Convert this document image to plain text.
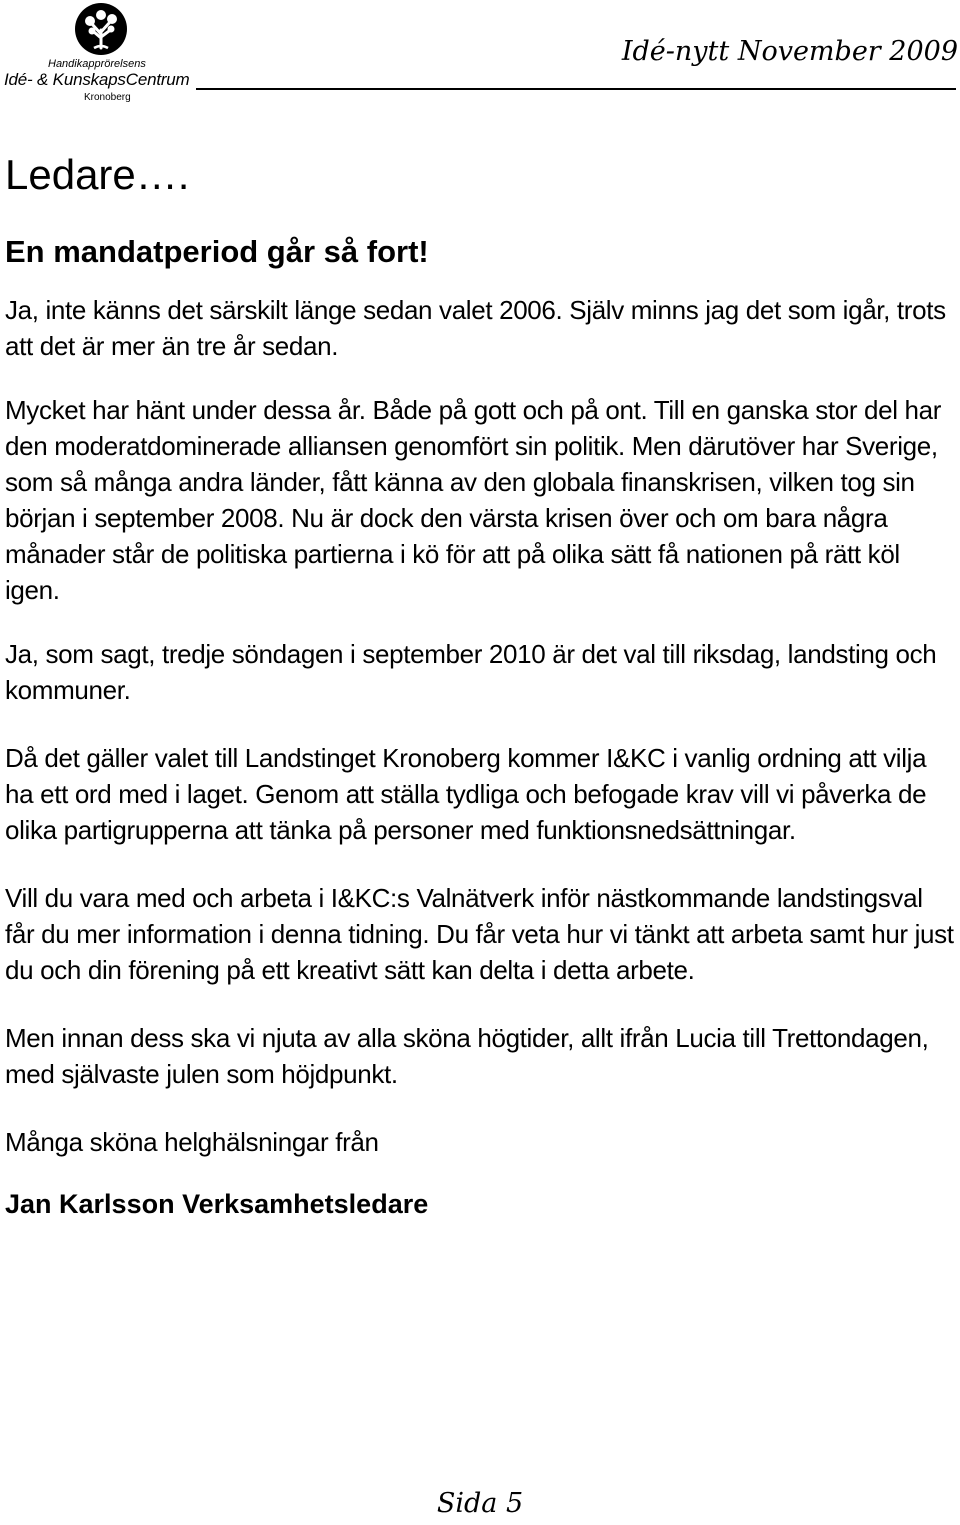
Handikapprörelsens
Idé- & KunskapsCentrum
Kronoberg
Idé-nytt November 2009
Ledare….
En mandatperiod går så fort!

Ja, inte känns det särskilt länge sedan valet 2006. Själv minns jag det som igår, trots att det är mer än tre år sedan.

Mycket har hänt under dessa år. Både på gott och på ont. Till en ganska stor del har den moderatdominerade alliansen genomfört sin politik. Men därutöver har Sverige, som så många andra länder, fått känna av den globala finanskrisen, vilken tog sin början i september 2008. Nu är dock den värsta krisen över och om bara några månader står de politiska partierna i kö för att på olika sätt få nationen på rätt köl igen.

Ja, som sagt, tredje söndagen i september 2010 är det val till riksdag, landsting och kommuner.

Då det gäller valet till Landstinget Kronoberg kommer I&KC i vanlig ordning att vilja ha ett ord med i laget. Genom att ställa tydliga och befogade krav vill vi påverka de olika partigrupperna att tänka på personer med funktionsnedsättningar.

Vill du vara med och arbeta i I&KC:s Valnätverk inför nästkommande landstingsval får du mer information i denna tidning. Du får veta hur vi tänkt att arbeta samt hur just du och din förening på ett kreativt sätt kan delta i detta arbete.

Men innan dess ska vi njuta av alla sköna högtider, allt ifrån Lucia till Trettondagen, med självaste julen som höjdpunkt.

Många sköna helghälsningar från

Jan Karlsson Verksamhetsledare

Sida 5
